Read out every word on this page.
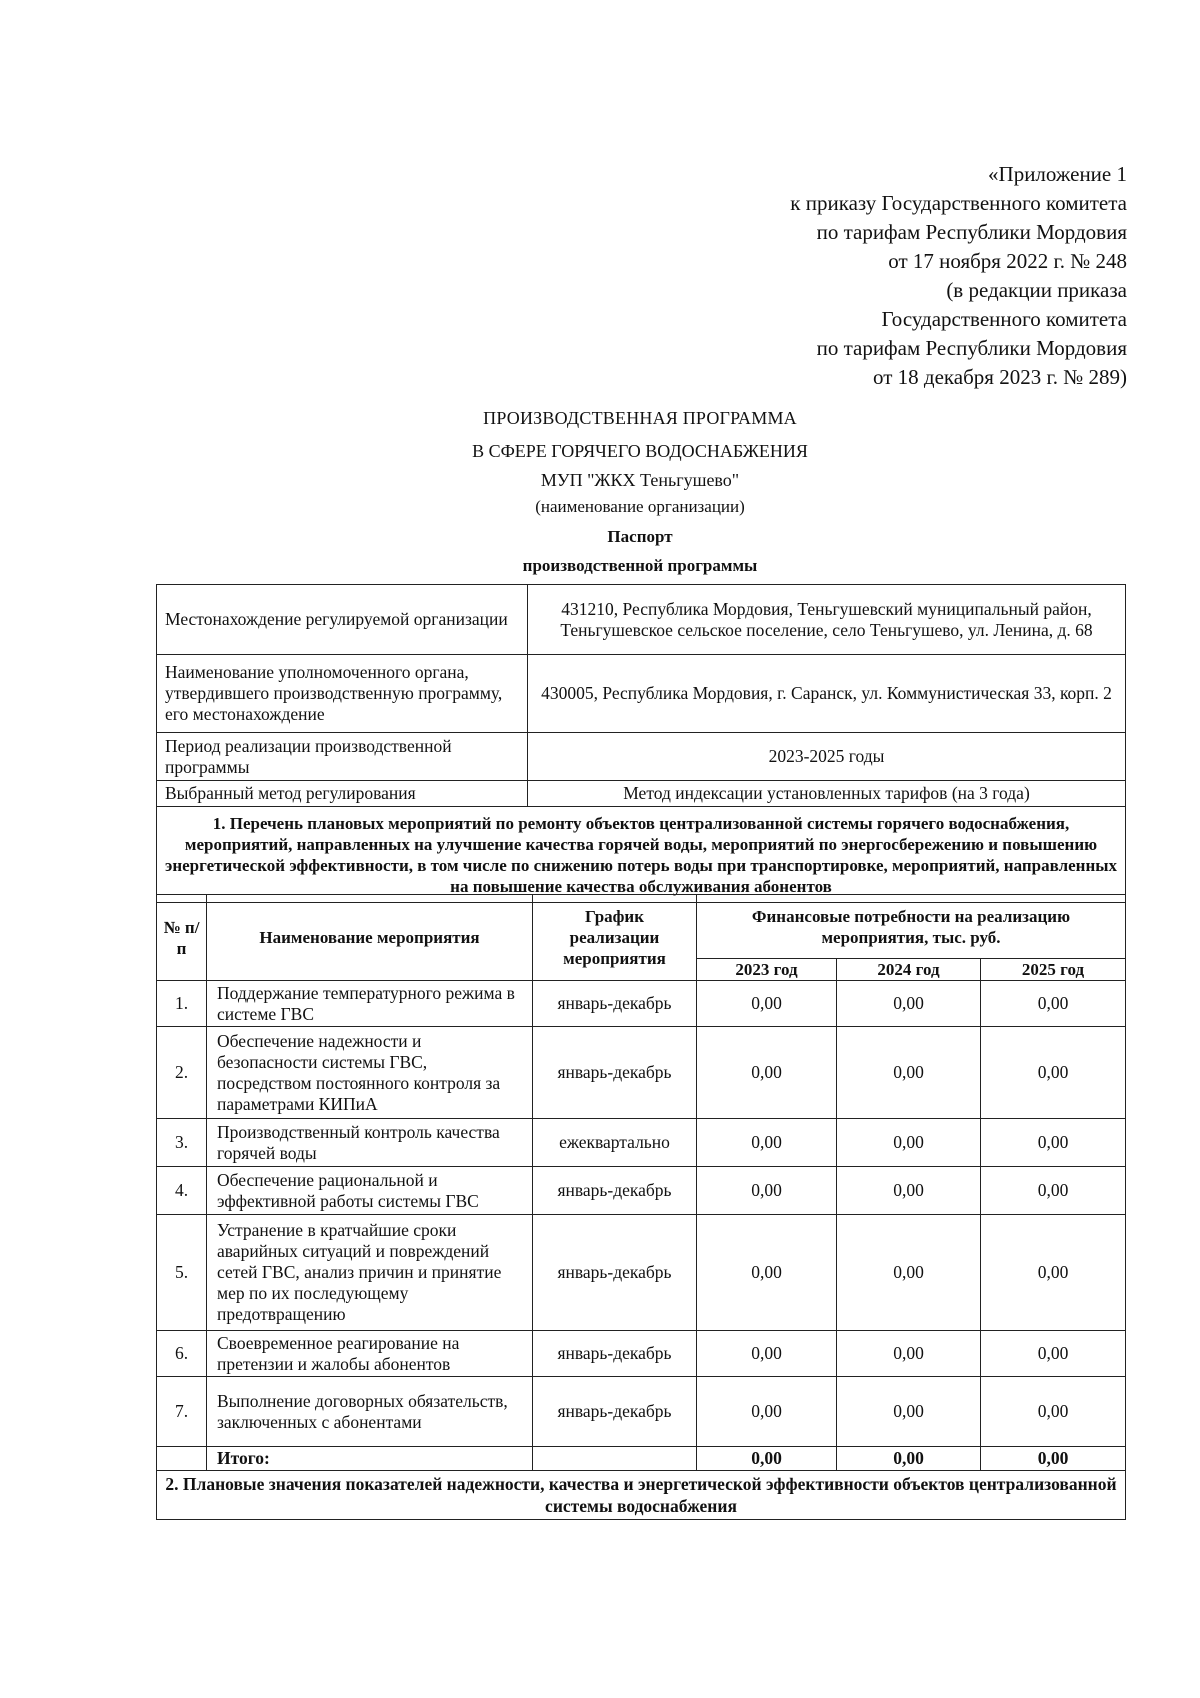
«Приложение 1
к приказу Государственного комитета
по тарифам Республики Мордовия
от 17 ноября 2022 г. № 248
(в редакции приказа
Государственного комитета
по тарифам Республики Мордовия
от 18 декабря 2023 г. № 289)
ПРОИЗВОДСТВЕННАЯ ПРОГРАММА
В СФЕРЕ ГОРЯЧЕГО ВОДОСНАБЖЕНИЯ
МУП "ЖКХ Теньгушево"
(наименование организации)
Паспорт
производственной программы
Местонахождение регулируемой организации	431210, Республика Мордовия, Теньгушевский муниципальный район, Теньгушевское сельское поселение, село Теньгушево, ул. Ленина, д. 68
Наименование уполномоченного органа, утвердившего производственную программу, его местонахождение	430005, Республика Мордовия, г. Саранск, ул. Коммунистическая 33, корп. 2
Период реализации производственной программы	2023-2025 годы
Выбранный метод регулирования	Метод индексации установленных тарифов (на 3 года)
1. Перечень плановых мероприятий по ремонту объектов централизованной системы горячего водоснабжения, мероприятий, направленных на улучшение качества горячей воды, мероприятий по энергосбережению и повышению энергетической эффективности, в том числе по снижению потерь воды при транспортировке, мероприятий, направленных на повышение качества обслуживания абонентов	
№ п/п	Наименование мероприятия	График реализации мероприятия	Финансовые потребности на реализацию мероприятия, тыс. руб.		
			2023 год	2024 год	2025 год
1.	Поддержание температурного режима в системе ГВС	январь-декабрь	0,00	0,00	0,00
2.	Обеспечение надежности и безопасности системы ГВС, посредством постоянного контроля за параметрами КИПиА	январь-декабрь	0,00	0,00	0,00
3.	Производственный контроль качества горячей воды	ежеквартально	0,00	0,00	0,00
4.	Обеспечение рациональной и эффективной работы системы ГВС	январь-декабрь	0,00	0,00	0,00
5.	Устранение в кратчайшие сроки аварийных ситуаций и повреждений сетей ГВС, анализ причин и принятие мер по их последующему предотвращению	январь-декабрь	0,00	0,00	0,00
6.	Своевременное реагирование на претензии и жалобы абонентов	январь-декабрь	0,00	0,00	0,00
7.	Выполнение договорных обязательств, заключенных с абонентами	январь-декабрь	0,00	0,00	0,00
	Итого:		0,00	0,00	0,00
2. Плановые значения показателей надежности, качества и энергетической эффективности объектов централизованной системы водоснабжения					
